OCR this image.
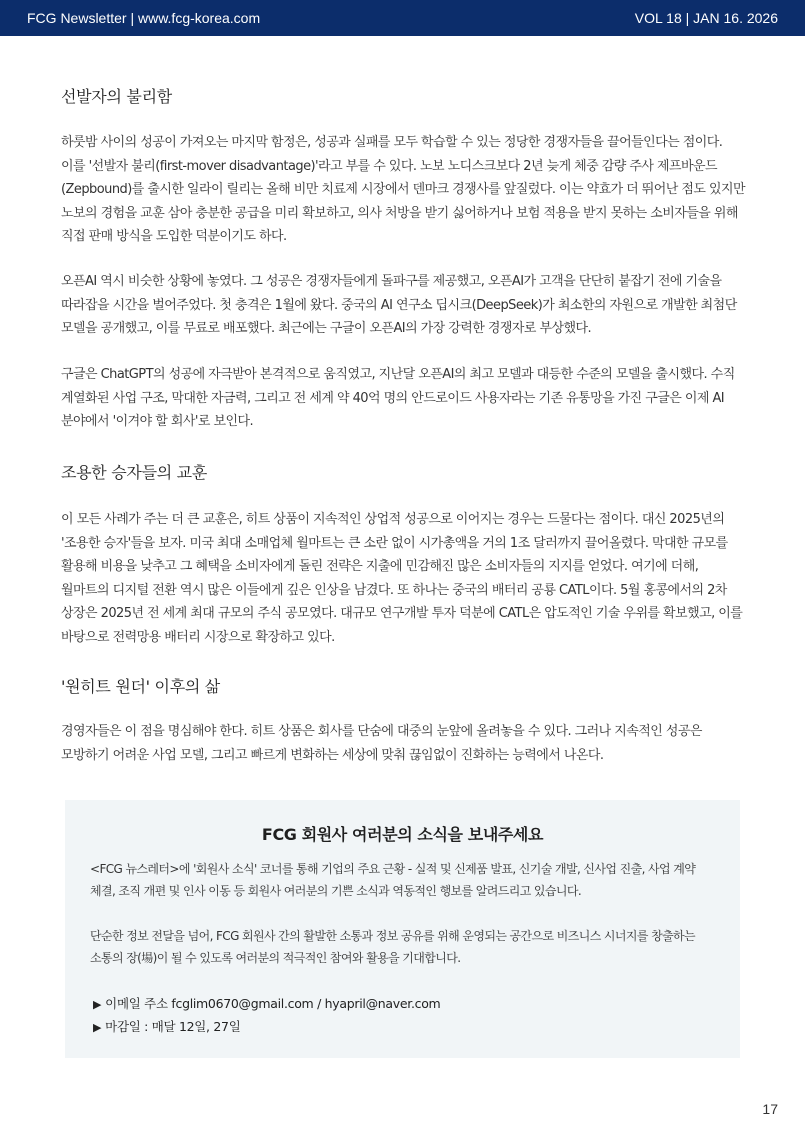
FCG Newsletter | www.fcg-korea.com	VOL 18 | JAN 16. 2026
선발자의 불리함

하룻밤 사이의 성공이 가져오는 마지막 함정은, 성공과 실패를 모두 학습할 수 있는 정당한 경쟁자들을 끌어들인다는 점이다. 이를 '선발자 불리(first-mover disadvantage)'라고 부를 수 있다. 노보 노디스크보다 2년 늦게 체중 감량 주사 제프바운드(Zepbound)를 출시한 일라이 릴리는 올해 비만 치료제 시장에서 덴마크 경쟁사를 앞질렀다. 이는 약효가 더 뛰어난 점도 있지만 노보의 경험을 교훈 삼아 충분한 공급을 미리 확보하고, 의사 처방을 받기 싫어하거나 보험 적용을 받지 못하는 소비자들을 위해 직접 판매 방식을 도입한 덕분이기도 하다.

오픈AI 역시 비슷한 상황에 놓였다. 그 성공은 경쟁자들에게 돌파구를 제공했고, 오픈AI가 고객을 단단히 붙잡기 전에 기술을 따라잡을 시간을 벌어주었다. 첫 충격은 1월에 왔다. 중국의 AI 연구소 딥시크(DeepSeek)가 최소한의 자원으로 개발한 최첨단 모델을 공개했고, 이를 무료로 배포했다. 최근에는 구글이 오픈AI의 가장 강력한 경쟁자로 부상했다.

구글은 ChatGPT의 성공에 자극받아 본격적으로 움직였고, 지난달 오픈AI의 최고 모델과 대등한 수준의 모델을 출시했다. 수직 계열화된 사업 구조, 막대한 자금력, 그리고 전 세계 약 40억 명의 안드로이드 사용자라는 기존 유통망을 가진 구글은 이제 AI 분야에서 '이겨야 할 회사'로 보인다.

조용한 승자들의 교훈

이 모든 사례가 주는 더 큰 교훈은, 히트 상품이 지속적인 상업적 성공으로 이어지는 경우는 드물다는 점이다. 대신 2025년의 '조용한 승자'들을 보자. 미국 최대 소매업체 월마트는 큰 소란 없이 시가총액을 거의 1조 달러까지 끌어올렸다. 막대한 규모를 활용해 비용을 낮추고 그 혜택을 소비자에게 돌린 전략은 지출에 민감해진 많은 소비자들의 지지를 얻었다. 여기에 더해, 월마트의 디지털 전환 역시 많은 이들에게 깊은 인상을 남겼다. 또 하나는 중국의 배터리 공룡 CATL이다. 5월 홍콩에서의 2차 상장은 2025년 전 세계 최대 규모의 주식 공모였다. 대규모 연구개발 투자 덕분에 CATL은 압도적인 기술 우위를 확보했고, 이를 바탕으로 전력망용 배터리 시장으로 확장하고 있다.

'원히트 원더' 이후의 삶

경영자들은 이 점을 명심해야 한다. 히트 상품은 회사를 단숨에 대중의 눈앞에 올려놓을 수 있다. 그러나 지속적인 성공은 모방하기 어려운 사업 모델, 그리고 빠르게 변화하는 세상에 맞춰 끊임없이 진화하는 능력에서 나온다.

FCG 회원사 여러분의 소식을 보내주세요

<FCG 뉴스레터>에 '회원사 소식' 코너를 통해 기업의 주요 근황 - 실적 및 신제품 발표, 신기술 개발, 신사업 진출, 사업 계약 체결, 조직 개편 및 인사 이동 등 회원사 여러분의 기쁜 소식과 역동적인 행보를 알려드리고 있습니다.

단순한 정보 전달을 넘어, FCG 회원사 간의 활발한 소통과 정보 공유를 위해 운영되는 공간으로 비즈니스 시너지를 창출하는 소통의 장(場)이 될 수 있도록 여러분의 적극적인 참여와 활용을 기대합니다.

▶ 이메일 주소 fcglim0670@gmail.com / hyapril@naver.com
▶ 마감일 : 매달 12일, 27일
17
